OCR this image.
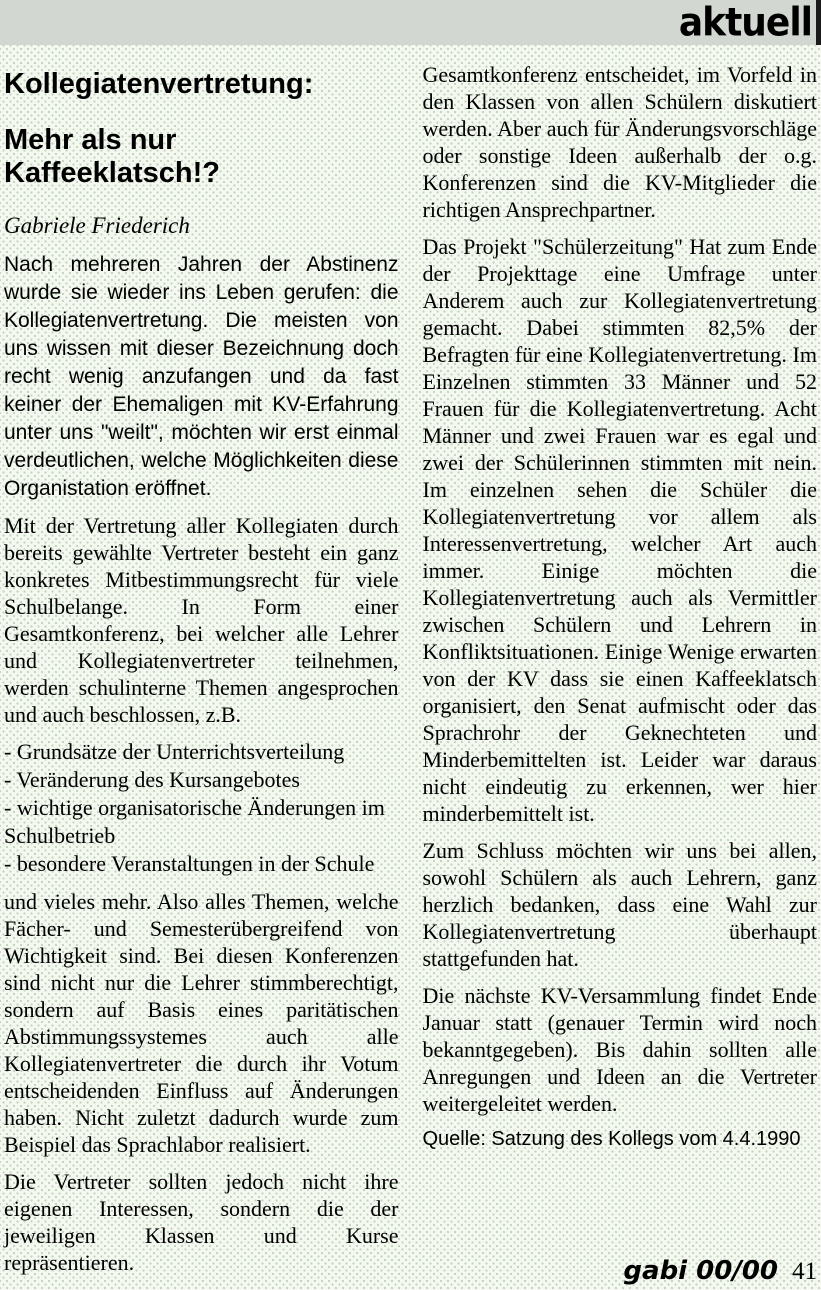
aktuell
Kollegiatenvertretung:
Mehr als nur Kaffeeklatsch!?
Gabriele Friederich

Nach mehreren Jahren der Abstinenz wurde sie wieder ins Leben gerufen: die Kollegiatenvertretung. Die meisten von uns wissen mit dieser Bezeichnung doch recht wenig anzufangen und da fast keiner der Ehemaligen mit KV-Erfahrung unter uns "weilt", möchten wir erst einmal verdeutlichen, welche Möglichkeiten diese Organistation eröffnet.

Mit der Vertretung aller Kollegiaten durch bereits gewählte Vertreter besteht ein ganz konkretes Mitbestimmungsrecht für viele Schulbelange. In Form einer Gesamtkonferenz, bei welcher alle Lehrer und Kollegiatenvertreter teilnehmen, werden schulinterne Themen angesprochen und auch beschlossen, z.B.

- Grundsätze der Unterrichtsverteilung
- Veränderung des Kursangebotes
- wichtige organisatorische Änderungen im Schulbetrieb
- besondere Veranstaltungen in der Schule

und vieles mehr. Also alles Themen, welche Fächer- und Semesterübergreifend von Wichtigkeit sind. Bei diesen Konferenzen sind nicht nur die Lehrer stimmberechtigt, sondern auf Basis eines paritätischen Abstimmungssystemes auch alle Kollegiatenvertreter die durch ihr Votum entscheidenden Einfluss auf Änderungen haben. Nicht zuletzt dadurch wurde zum Beispiel das Sprachlabor realisiert.

Die Vertreter sollten jedoch nicht ihre eigenen Interessen, sondern die der jeweiligen Klassen und Kurse repräsentieren.

Gesamtkonferenz entscheidet, im Vorfeld in den Klassen von allen Schülern diskutiert werden. Aber auch für Änderungsvorschläge oder sonstige Ideen außerhalb der o.g. Konferenzen sind die KV-Mitglieder die richtigen Ansprechpartner.

Das Projekt "Schülerzeitung" Hat zum Ende der Projekttage eine Umfrage unter Anderem auch zur Kollegiatenvertretung gemacht. Dabei stimmten 82,5% der Befragten für eine Kollegiatenvertretung. Im Einzelnen stimmten 33 Männer und 52 Frauen für die Kollegiatenvertretung. Acht Männer und zwei Frauen war es egal und zwei der Schülerinnen stimmten mit nein. Im einzelnen sehen die Schüler die Kollegiatenvertretung vor allem als Interessenvertretung, welcher Art auch immer. Einige möchten die Kollegiatenvertretung auch als Vermittler zwischen Schülern und Lehrern in Konfliktsituationen. Einige Wenige erwarten von der KV dass sie einen Kaffeeklatsch organisiert, den Senat aufmischt oder das Sprachrohr der Geknechteten und Minderbemittelten ist. Leider war daraus nicht eindeutig zu erkennen, wer hier minderbemittelt ist.

Zum Schluss möchten wir uns bei allen, sowohl Schülern als auch Lehrern, ganz herzlich bedanken, dass eine Wahl zur Kollegiatenvertretung überhaupt stattgefunden hat.

Die nächste KV-Versammlung findet Ende Januar statt (genauer Termin wird noch bekanntgegeben). Bis dahin sollten alle Anregungen und Ideen an die Vertreter weitergeleitet werden.

Quelle: Satzung des Kollegs vom 4.4.1990

gabi 00/00 41
